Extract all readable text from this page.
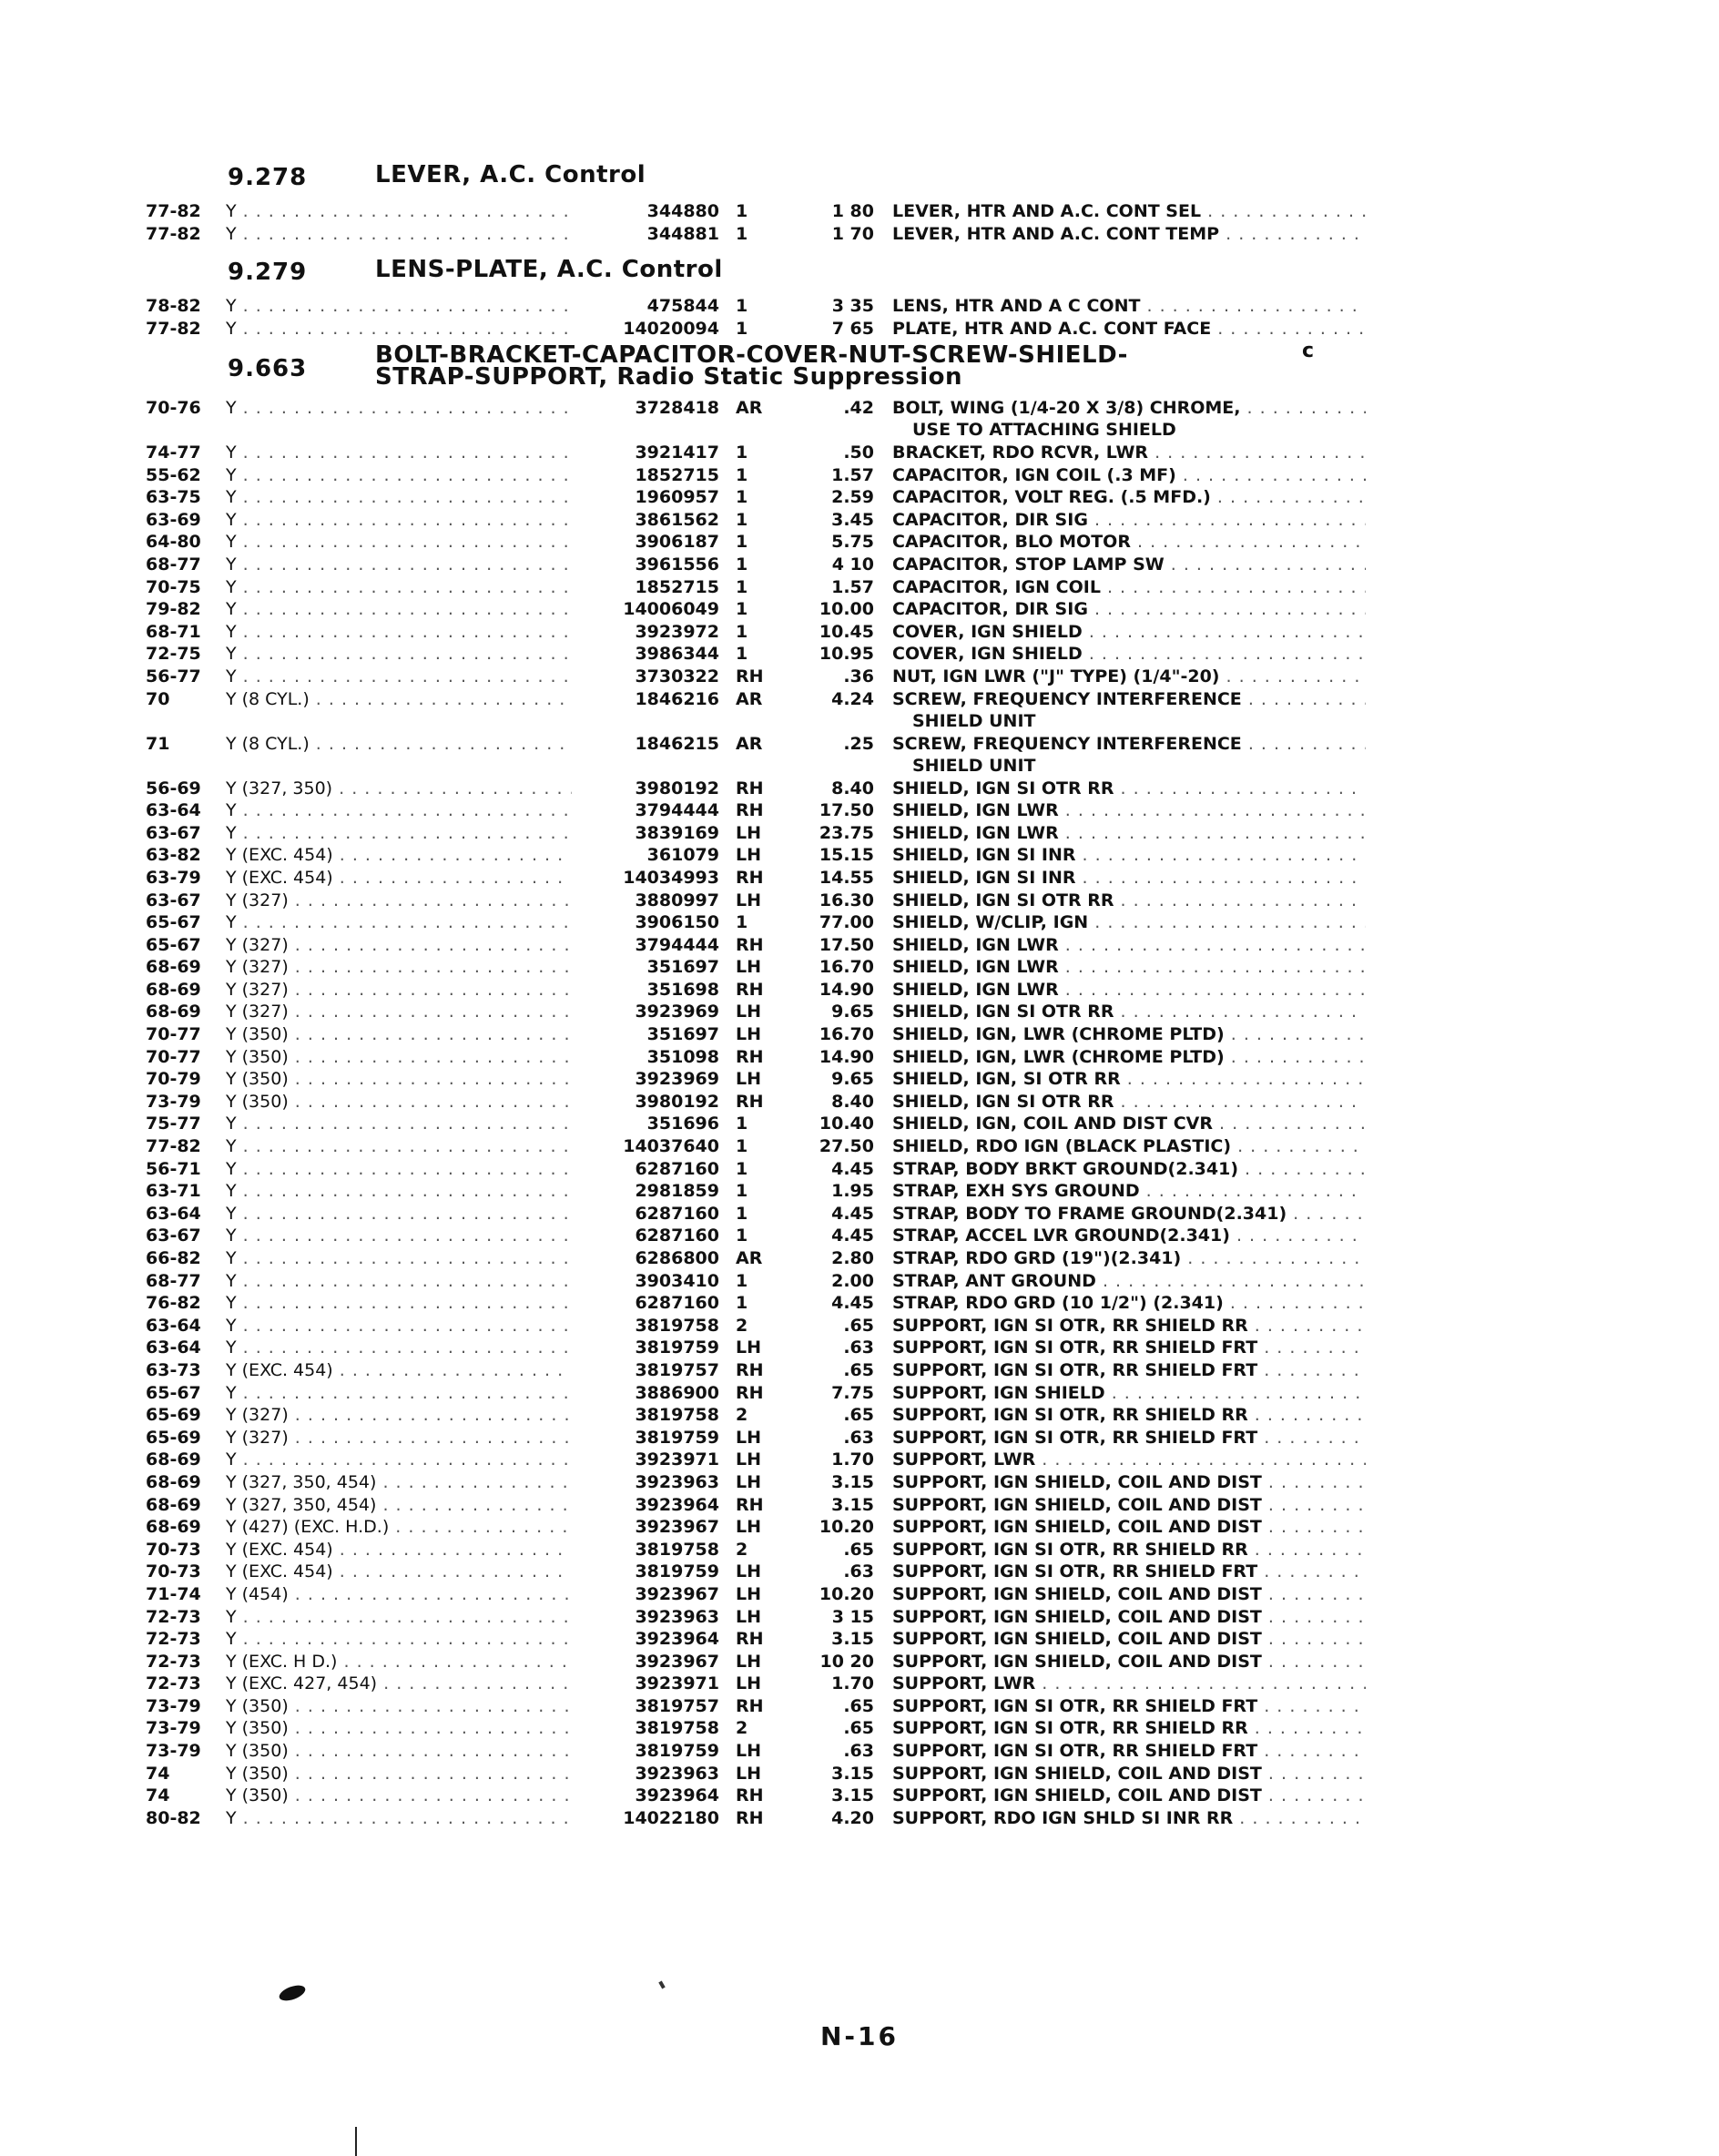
9.278	LEVER, A.C. Control
77-82	Y . . .	344880 1	1 80 LEVER, HTR AND A.C. CONT SEL . . .
77-82	Y . . .	344881 1	1 70 LEVER, HTR AND A.C. CONT TEMP . . .
9.279	LENS-PLATE, A.C. Control
78-82	Y . . .	475844 1	3 35 LENS, HTR AND A C CONT . . .
77-82	Y . . .	14020094 1	7 65 PLATE, HTR AND A.C. CONT FACE . . .
9.663	BOLT-BRACKET-CAPACITOR-COVER-NUT-SCREW-SHIELD-
STRAP-SUPPORT, Radio Static Suppression
70-76	Y . . .	3728418 AR	.42 BOLT, WING (1/4-20 X 3/8) CHROME, . . .
USE TO ATTACHING SHIELD
74-77	Y . . .	3921417 1	.50 BRACKET, RDO RCVR, LWR . . .
55-62	Y . . .	1852715 1	1.57 CAPACITOR, IGN COIL (.3 MF) . . .
63-75	Y . . .	1960957 1	2.59 CAPACITOR, VOLT REG. (.5 MFD.) . . .
63-69	Y . . .	3861562 1	3.45 CAPACITOR, DIR SIG . . .
64-80	Y . . .	3906187 1	5.75 CAPACITOR, BLO MOTOR . . .
68-77	Y . . .	3961556 1	4 10 CAPACITOR, STOP LAMP SW . . .
70-75	Y . . .	1852715 1	1.57 CAPACITOR, IGN COIL . . .
79-82	Y . . .	14006049 1	10.00 CAPACITOR, DIR SIG . . .
68-71	Y . . .	3923972 1	10.45 COVER, IGN SHIELD . . .
72-75	Y . . .	3986344 1	10.95 COVER, IGN SHIELD . . .
56-77	Y . . .	3730322 RH	.36 NUT, IGN LWR ("J" TYPE) (1/4"-20) . . .
70	Y (8 CYL.) . . .	1846216 AR	4.24 SCREW, FREQUENCY INTERFERENCE . . .
SHIELD UNIT
71	Y (8 CYL.) . . .	1846215 AR	.25 SCREW, FREQUENCY INTERFERENCE . . .
SHIELD UNIT
56-69	Y (327, 350) . . .	3980192 RH	8.40 SHIELD, IGN SI OTR RR . . .
63-64	Y . . .	3794444 RH	17.50 SHIELD, IGN LWR . . .
63-67	Y . . .	3839169 LH	23.75 SHIELD, IGN LWR . . .
63-82	Y (EXC. 454) . . .	361079 LH	15.15 SHIELD, IGN SI INR . . .
63-79	Y (EXC. 454) . . .	14034993 RH	14.55 SHIELD, IGN SI INR . . .
63-67	Y (327) . . .	3880997 LH	16.30 SHIELD, IGN SI OTR RR . . .
65-67	Y . . .	3906150 1	77.00 SHIELD, W/CLIP, IGN . . .
65-67	Y (327) . . .	3794444 RH	17.50 SHIELD, IGN LWR . . .
68-69	Y (327) . . .	351697 LH	16.70 SHIELD, IGN LWR . . .
68-69	Y (327) . . .	351698 RH	14.90 SHIELD, IGN LWR . . .
68-69	Y (327) . . .	3923969 LH	9.65 SHIELD, IGN SI OTR RR . . .
70-77	Y (350) . . .	351697 LH	16.70 SHIELD, IGN, LWR (CHROME PLTD) . . .
70-77	Y (350) . . .	351098 RH	14.90 SHIELD, IGN, LWR (CHROME PLTD) . . .
70-79	Y (350) . . .	3923969 LH	9.65 SHIELD, IGN, SI OTR RR . . .
73-79	Y (350) . . .	3980192 RH	8.40 SHIELD, IGN SI OTR RR . . .
75-77	Y . . .	351696 1	10.40 SHIELD, IGN, COIL AND DIST CVR . . .
77-82	Y . . .	14037640 1	27.50 SHIELD, RDO IGN (BLACK PLASTIC) . . .
56-71	Y . . .	6287160 1	4.45 STRAP, BODY BRKT GROUND(2.341) . . .
63-71	Y . . .	2981859 1	1.95 STRAP, EXH SYS GROUND . . .
63-64	Y . . .	6287160 1	4.45 STRAP, BODY TO FRAME GROUND(2.341) . . .
63-67	Y . . .	6287160 1	4.45 STRAP, ACCEL LVR GROUND(2.341) . . .
66-82	Y . . .	6286800 AR	2.80 STRAP, RDO GRD (19")(2.341) . . .
68-77	Y . . .	3903410 1	2.00 STRAP, ANT GROUND . . .
76-82	Y . . .	6287160 1	4.45 STRAP, RDO GRD (10 1/2") (2.341) . . .
63-64	Y . . .	3819758 2	.65 SUPPORT, IGN SI OTR, RR SHIELD RR . . .
63-64	Y . . .	3819759 LH	.63 SUPPORT, IGN SI OTR, RR SHIELD FRT . . .
63-73	Y (EXC. 454) . . .	3819757 RH	.65 SUPPORT, IGN SI OTR, RR SHIELD FRT . . .
65-67	Y . . .	3886900 RH	7.75 SUPPORT, IGN SHIELD . . .
65-69	Y (327) . . .	3819758 2	.65 SUPPORT, IGN SI OTR, RR SHIELD RR . . .
65-69	Y (327) . . .	3819759 LH	.63 SUPPORT, IGN SI OTR, RR SHIELD FRT . . .
68-69	Y . . .	3923971 LH	1.70 SUPPORT, LWR . . .
68-69	Y (327, 350, 454) . . .	3923963 LH	3.15 SUPPORT, IGN SHIELD, COIL AND DIST . . .
68-69	Y (327, 350, 454) . . .	3923964 RH	3.15 SUPPORT, IGN SHIELD, COIL AND DIST . . .
68-69	Y (427) (EXC. H.D.) . . .	3923967 LH	10.20 SUPPORT, IGN SHIELD, COIL AND DIST . . .
70-73	Y (EXC. 454) . . .	3819758 2	.65 SUPPORT, IGN SI OTR, RR SHIELD RR . . .
70-73	Y (EXC. 454) . . .	3819759 LH	.63 SUPPORT, IGN SI OTR, RR SHIELD FRT . . .
71-74	Y (454) . . .	3923967 LH	10.20 SUPPORT, IGN SHIELD, COIL AND DIST . . .
72-73	Y . . .	3923963 LH	3 15 SUPPORT, IGN SHIELD, COIL AND DIST . . .
72-73	Y . . .	3923964 RH	3.15 SUPPORT, IGN SHIELD, COIL AND DIST . . .
72-73	Y (EXC. H D.) . . .	3923967 LH	10 20 SUPPORT, IGN SHIELD, COIL AND DIST . . .
72-73	Y (EXC. 427, 454) . . .	3923971 LH	1.70 SUPPORT, LWR . . .
73-79	Y (350) . . .	3819757 RH	.65 SUPPORT, IGN SI OTR, RR SHIELD FRT . . .
73-79	Y (350) . . .	3819758 2	.65 SUPPORT, IGN SI OTR, RR SHIELD RR . . .
73-79	Y (350) . . .	3819759 LH	.63 SUPPORT, IGN SI OTR, RR SHIELD FRT . . .
74	Y (350) . . .	3923963 LH	3.15 SUPPORT, IGN SHIELD, COIL AND DIST . . .
74	Y (350) . . .	3923964 RH	3.15 SUPPORT, IGN SHIELD, COIL AND DIST . . .
80-82	Y . . .	14022180 RH	4.20 SUPPORT, RDO IGN SHLD SI INR RR . . .
c
N-16
